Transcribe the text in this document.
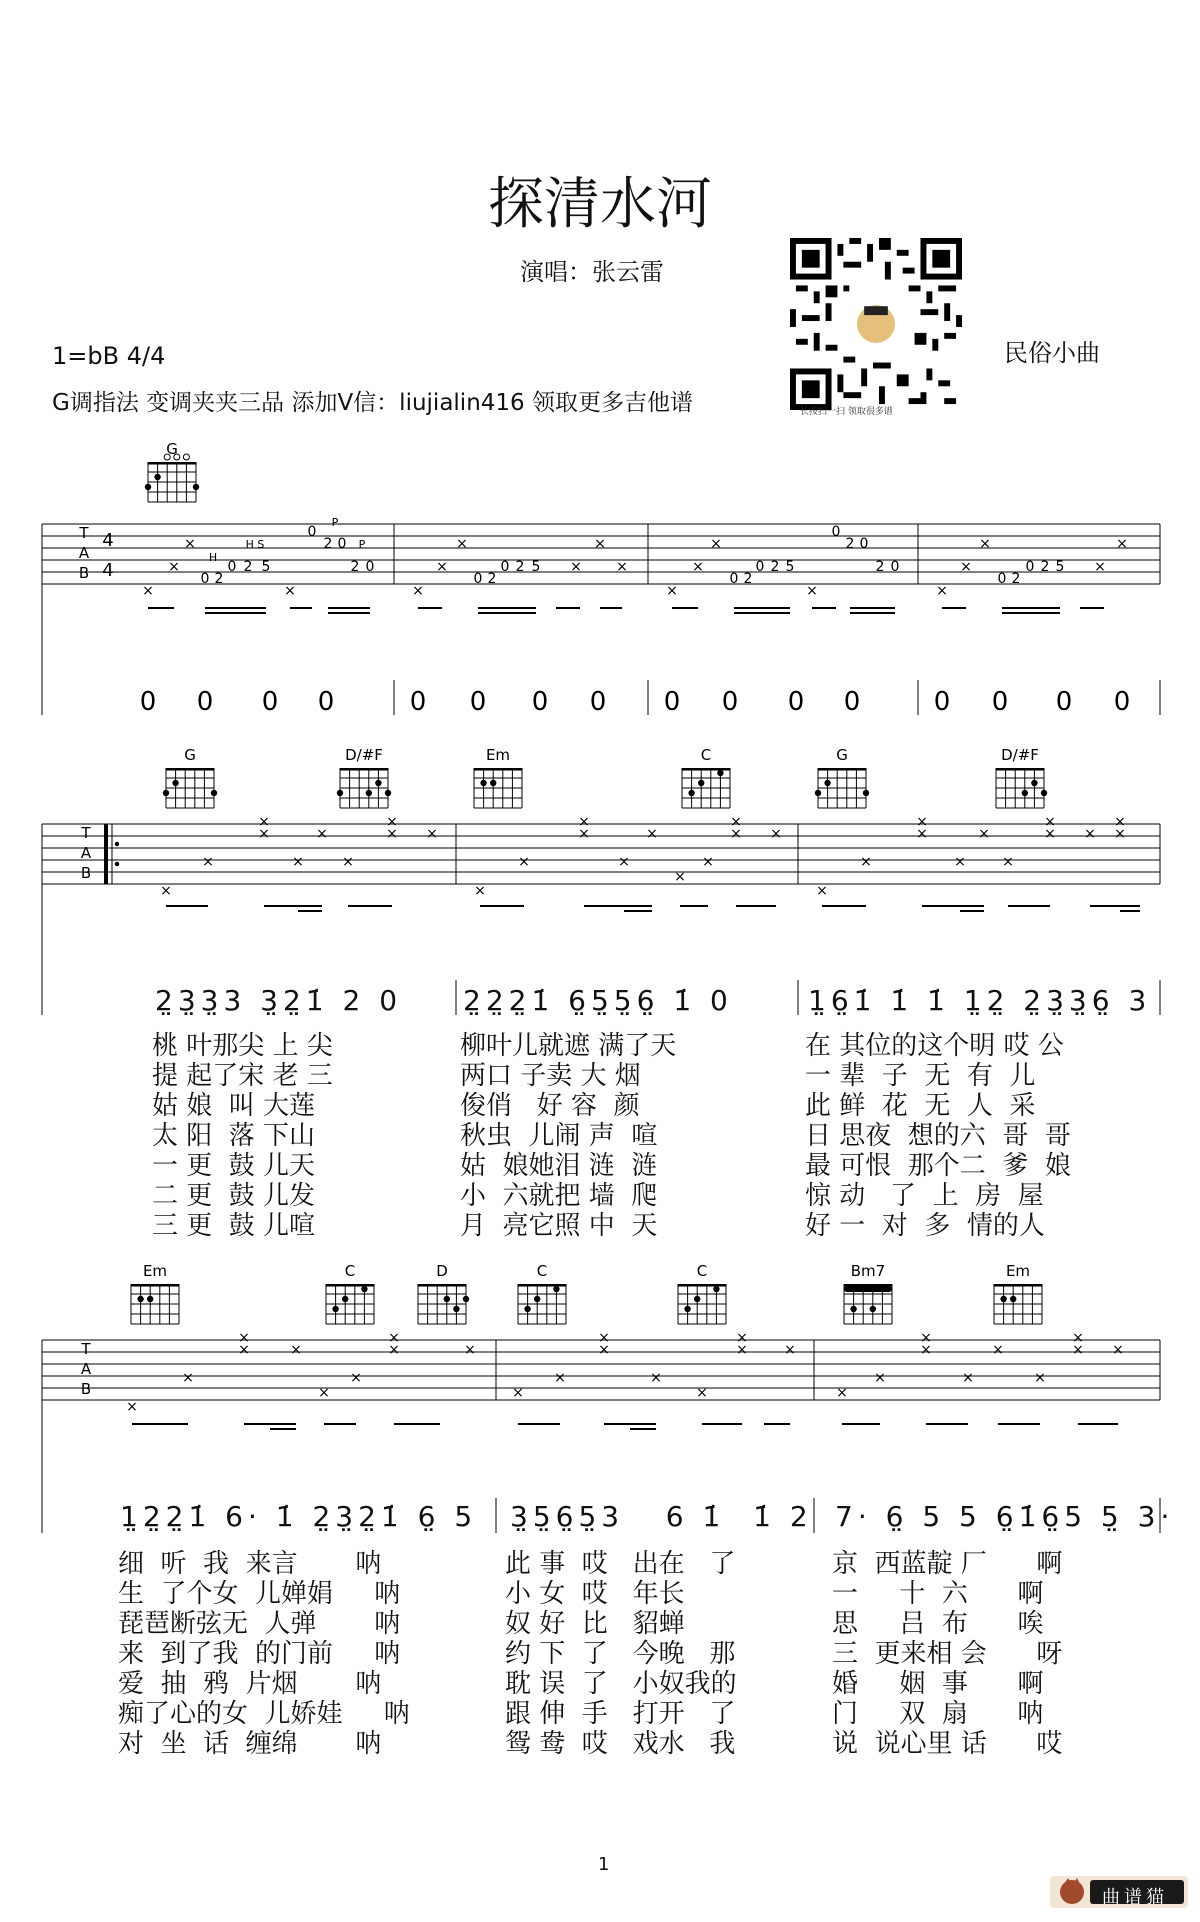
探清水河
演唱：张云雷
1=bB 4/4
G调指法 变调夹夹三品 添加V信：liujialin416 领取更多吉他谱
民俗小曲
长按扫一扫 领取很多谱
G
T
A
B
4
4
×
×
×
0 2
0 2 5
×
0
2 0
2 0
H
H S
P
P
×
×
×
0 2
0 2 5 ×
×
×
×
×
×
0 2
0 2 5
×
0
2 0
2 0
×
×
×
0 2
0 2 5 ×
×
0 0 0 0	0 0 0 0 0 0 0 0	0 0 0 0
G	D/#F	Em	C	G	D/#F
T
A
B
×
×
×
×
×
×
×
×
× ×
×
×
×
×
×
×
×
×
×
× ×
×
×
×
×
×
×
×
×
× ×
×
×
2̤3̤3̤3 3̤2̤1̇ 2 0 2̤2̤2̤1̇ 6̤5̤5̤6̤ 1̇ 0	1̤6̤1̇ 1̇ 1̇ 1̤2̤ 2̤3̤3̤6̤ 3
桃 叶那尖 上 尖	柳叶儿就遮 满了天	在 其位的这个明 哎 公
提 起了宋 老 三	两口 子卖 大 烟	一 辈  子  无  有  儿
姑 娘  叫 大莲	俊俏   好 容  颜	此 鲜  花  无  人  采
太 阳  落 下山	秋虫  儿闹 声  喧	日 思夜  想的六  哥  哥
一 更  鼓 儿天	姑  娘她泪 涟  涟	最 可恨  那个二  爹  娘
二 更  鼓 儿发	小  六就把 墙  爬	惊 动   了  上  房  屋
三 更  鼓 儿喧	月  亮它照 中  天	好 一  对  多  情的人
Em	C	D	C	C	Bm7	Em
T
A
B
×
×
×
×	×
×
×
×
×	×
×
×
×
×
×
×
×
×
×
×
×
×
×
×
×
×
×
× ×
1̤2̤2̤1̇ 6· 1̇ 2̤3̤2̤1̇ 6̤ 5 3̤5̤6̤5̤3   6 1̇  1̇ 2 7· 6̤ 5 5 6̤1̇6̤5 5̤ 3·
细  听  我  来言       呐	此 事  哎   出在   了	京  西蓝靛 厂      啊
生  了个女  儿婵娟     呐	小 女  哎   年长	一     十  六      啊
琵琶断弦无  人弹       呐	奴 好  比   貂蝉	思     吕  布      唉
来  到了我  的门前     呐	约 下  了   今晚   那	三  更来相 会      呀
爱  抽  鸦  片烟       呐	耽 误  了   小奴我的	婚     姻  事      啊
痴了心的女  儿娇娃     呐	跟 伸  手   打开   了	门     双  扇      呐
对  坐  话  缠绵       呐	鸳 鸯  哎   戏水   我	说  说心里 话      哎
1
曲谱猫
